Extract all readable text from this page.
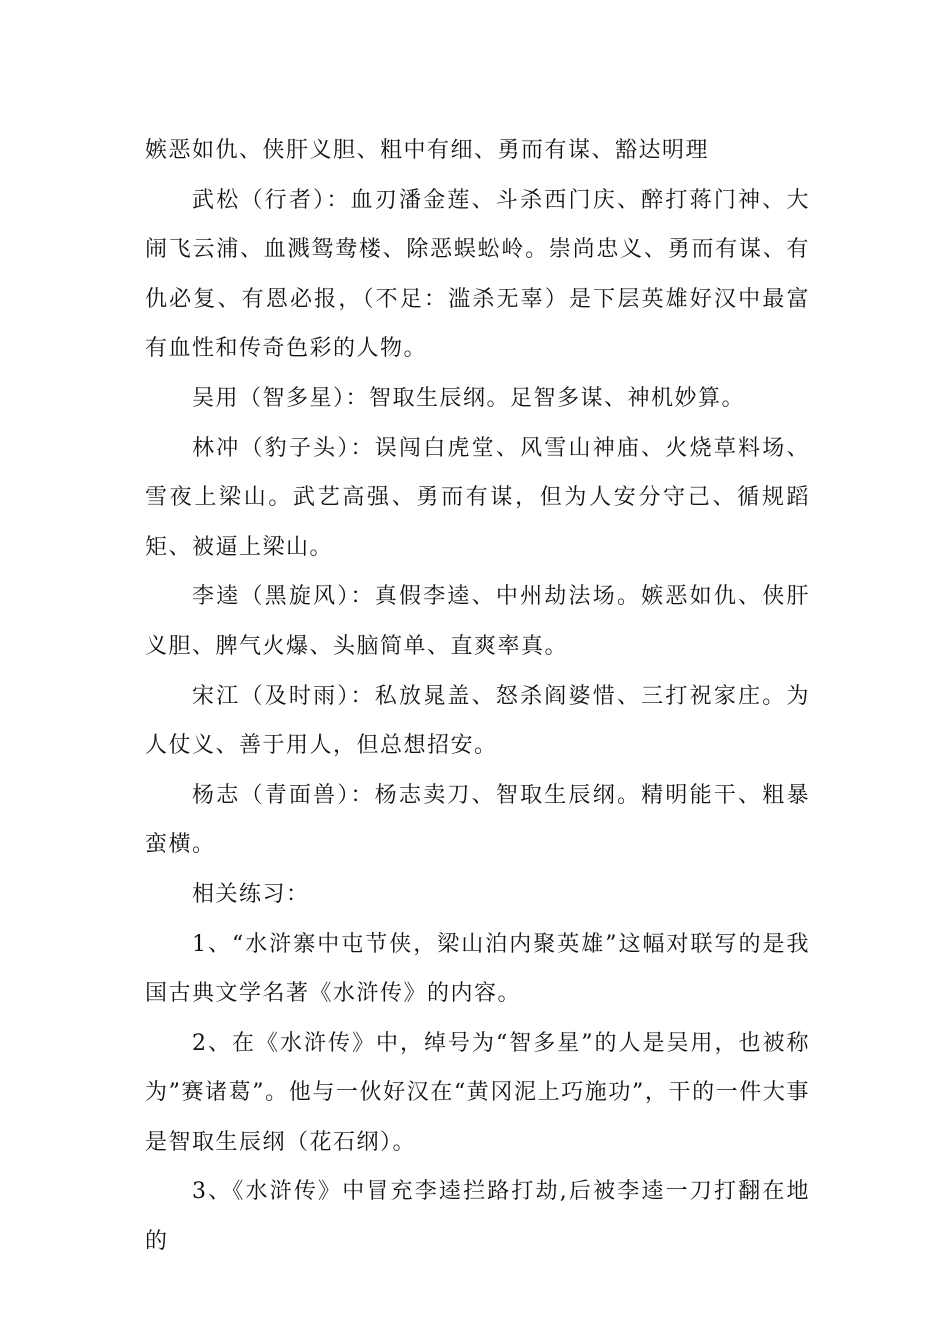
嫉恶如仇、侠肝义胆、粗中有细、勇而有谋、豁达明理

武松（行者）：血刃潘金莲、斗杀西门庆、醉打蒋门神、大闹飞云浦、血溅鸳鸯楼、除恶蜈蚣岭。崇尚忠义、勇而有谋、有仇必复、有恩必报，（不足：滥杀无辜）是下层英雄好汉中最富有血性和传奇色彩的人物。

吴用（智多星）：智取生辰纲。足智多谋、神机妙算。

林冲（豹子头）：误闯白虎堂、风雪山神庙、火烧草料场、雪夜上梁山。武艺高强、勇而有谋，但为人安分守己、循规蹈矩、被逼上梁山。

李逵（黑旋风）：真假李逵、中州劫法场。嫉恶如仇、侠肝义胆、脾气火爆、头脑简单、直爽率真。

宋江（及时雨）：私放晁盖、怒杀阎婆惜、三打祝家庄。为人仗义、善于用人，但总想招安。

杨志（青面兽）：杨志卖刀、智取生辰纲。精明能干、粗暴蛮横。

相关练习：

1、“水浒寨中屯节侠，梁山泊内聚英雄”这幅对联写的是我国古典文学名著《水浒传》的内容。

2、在《水浒传》中，绰号为“智多星”的人是吴用，也被称为”赛诸葛”。他与一伙好汉在“黄冈泥上巧施功”，干的一件大事是智取生辰纲（花石纲）。

3、《水浒传》中冒充李逵拦路打劫,后被李逵一刀打翻在地的
